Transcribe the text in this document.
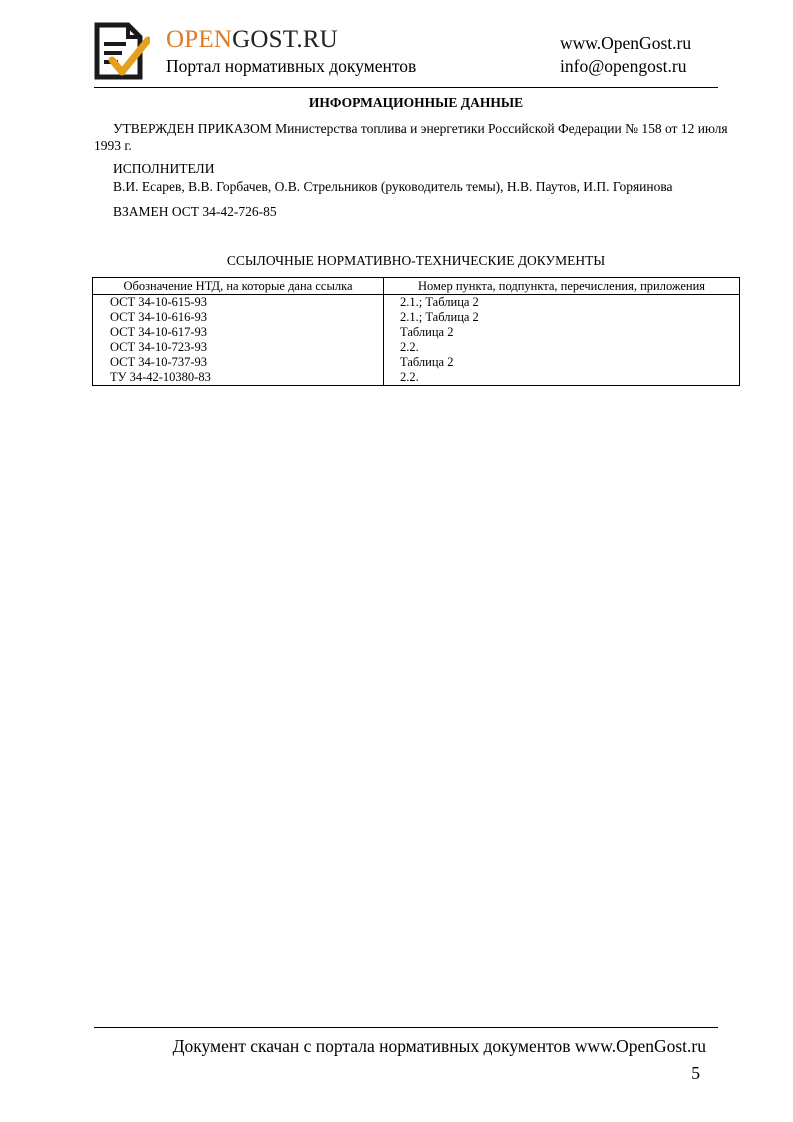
OPENGOST.RU
Портал нормативных документов
www.OpenGost.ru
info@opengost.ru
ИНФОРМАЦИОННЫЕ ДАННЫЕ
УТВЕРЖДЕН ПРИКАЗОМ Министерства топлива и энергетики Российской Федерации № 158 от 12 июля 1993 г.
ИСПОЛНИТЕЛИ
В.И. Есарев, В.В. Горбачев, О.В. Стрельников (руководитель темы), Н.В. Паутов, И.П. Горяинова
ВЗАМЕН ОСТ 34-42-726-85
ССЫЛОЧНЫЕ НОРМАТИВНО-ТЕХНИЧЕСКИЕ ДОКУМЕНТЫ
Обозначение НТД, на которые дана ссылка	Номер пункта, подпункта, перечисления, приложения
ОСТ 34-10-615-93	2.1.; Таблица 2
ОСТ 34-10-616-93	2.1.; Таблица 2
ОСТ 34-10-617-93	Таблица 2
ОСТ 34-10-723-93	2.2.
ОСТ 34-10-737-93	Таблица 2
ТУ 34-42-10380-83	2.2.
Документ скачан с портала нормативных документов www.OpenGost.ru
5
